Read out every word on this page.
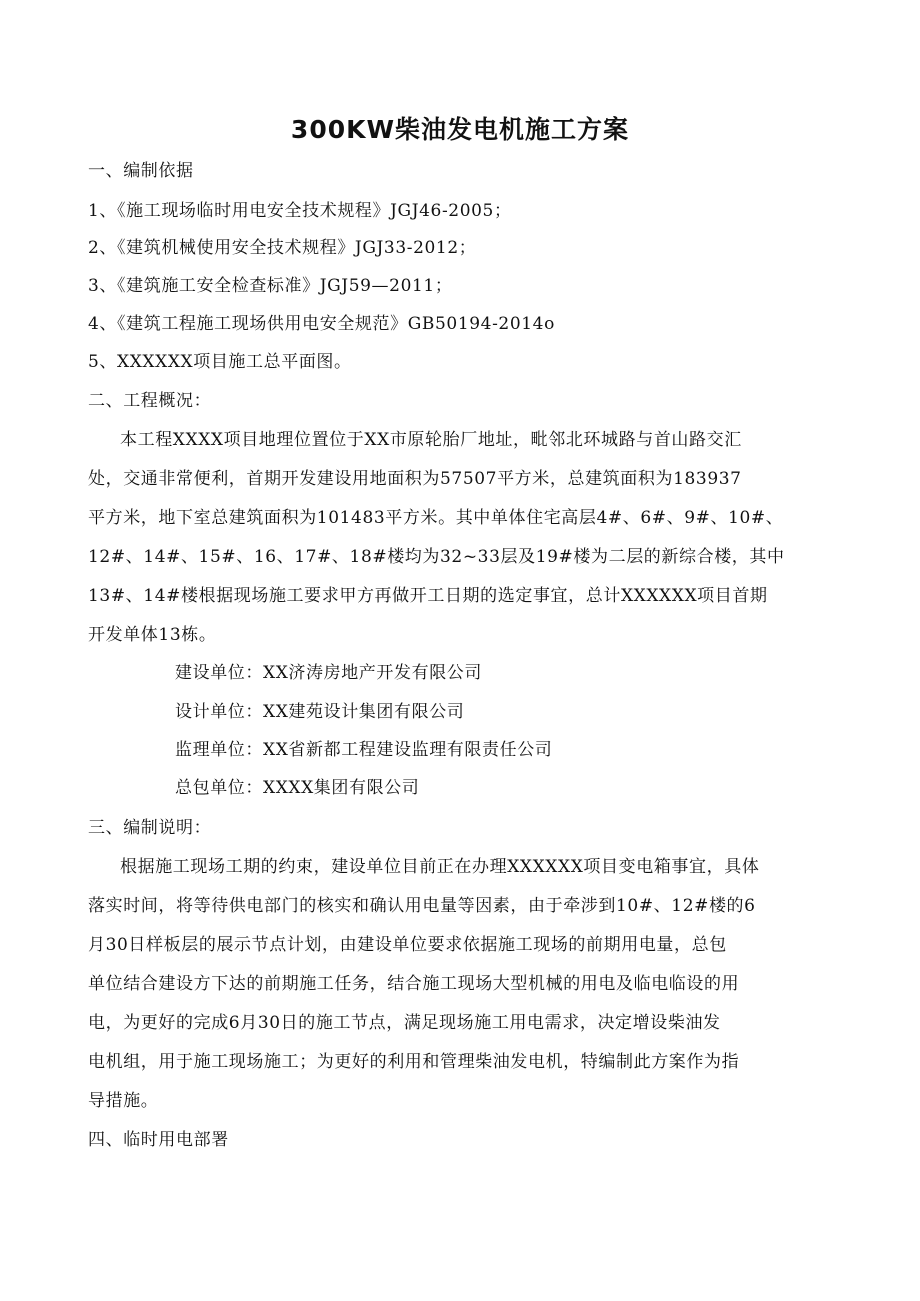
300KW柴油发电机施工方案
一、编制依据
1、《施工现场临时用电安全技术规程》JGJ46-2005；
2、《建筑机械使用安全技术规程》JGJ33-2012；
3、《建筑施工安全检查标准》JGJ59—2011；
4、《建筑工程施工现场供用电安全规范》GB50194-2014o
5、XXXXXX项目施工总平面图。
二、工程概况：
本工程XXXX项目地理位置位于XX市原轮胎厂地址，毗邻北环城路与首山路交汇
处，交通非常便利，首期开发建设用地面积为57507平方米，总建筑面积为183937
平方米，地下室总建筑面积为101483平方米。其中单体住宅高层4#、6#、9#、10#、
12#、14#、15#、16、17#、18#楼均为32~33层及19#楼为二层的新综合楼，其中
13#、14#楼根据现场施工要求甲方再做开工日期的选定事宜，总计XXXXXX项目首期
开发单体13栋。
建设单位：XX济涛房地产开发有限公司
设计单位：XX建苑设计集团有限公司
监理单位：XX省新都工程建设监理有限责任公司
总包单位：XXXX集团有限公司
三、编制说明：
根据施工现场工期的约束，建设单位目前正在办理XXXXXX项目变电箱事宜，具体
落实时间，将等待供电部门的核实和确认用电量等因素，由于牵涉到10#、12#楼的6
月30日样板层的展示节点计划，由建设单位要求依据施工现场的前期用电量，总包
单位结合建设方下达的前期施工任务，结合施工现场大型机械的用电及临电临设的用
电，为更好的完成6月30日的施工节点，满足现场施工用电需求，决定增设柴油发
电机组，用于施工现场施工；为更好的利用和管理柴油发电机，特编制此方案作为指
导措施。
四、临时用电部署
